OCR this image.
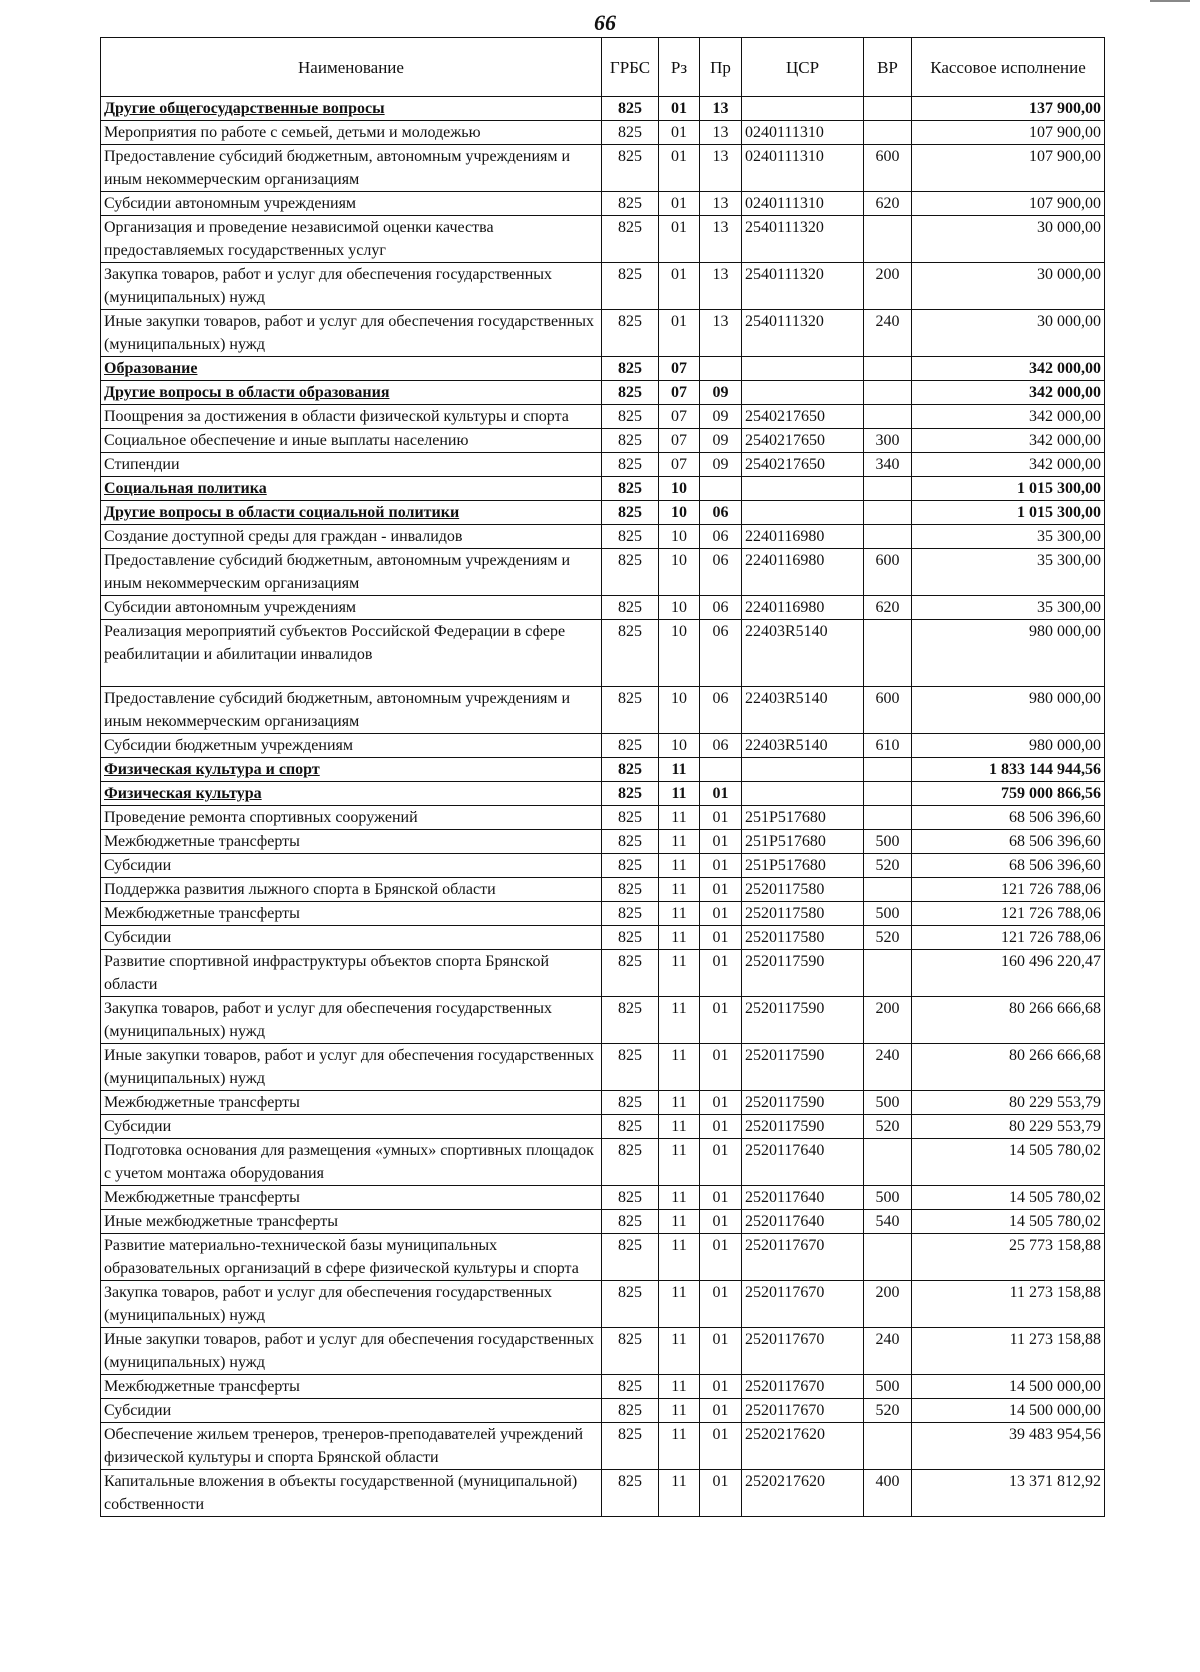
66
Наименование	ГРБС	Рз	Пр	ЦСР	ВР	Кассовое исполнение
Другие общегосударственные вопросы	825	01	13			137 900,00
Мероприятия по работе с семьей, детьми и молодежью	825	01	13	0240111310		107 900,00
Предоставление субсидий бюджетным, автономным учреждениям и иным некоммерческим организациям	825	01	13	0240111310	600	107 900,00
Субсидии автономным учреждениям	825	01	13	0240111310	620	107 900,00
Организация и проведение независимой оценки качества предоставляемых государственных услуг	825	01	13	2540111320		30 000,00
Закупка товаров, работ и услуг для обеспечения государственных (муниципальных) нужд	825	01	13	2540111320	200	30 000,00
Иные закупки товаров, работ и услуг для обеспечения государственных (муниципальных) нужд	825	01	13	2540111320	240	30 000,00
Образование	825	07				342 000,00
Другие вопросы в области образования	825	07	09			342 000,00
Поощрения за достижения в области физической культуры и спорта	825	07	09	2540217650		342 000,00
Социальное обеспечение и иные выплаты населению	825	07	09	2540217650	300	342 000,00
Стипендии	825	07	09	2540217650	340	342 000,00
Социальная политика	825	10				1 015 300,00
Другие вопросы в области социальной политики	825	10	06			1 015 300,00
Создание доступной среды для граждан - инвалидов	825	10	06	2240116980		35 300,00
Предоставление субсидий бюджетным, автономным учреждениям и иным некоммерческим организациям	825	10	06	2240116980	600	35 300,00
Субсидии автономным учреждениям	825	10	06	2240116980	620	35 300,00
Реализация мероприятий субъектов Российской Федерации в сфере реабилитации и абилитации инвалидов	825	10	06	22403R5140		980 000,00
Предоставление субсидий бюджетным, автономным учреждениям и иным некоммерческим организациям	825	10	06	22403R5140	600	980 000,00
Субсидии бюджетным учреждениям	825	10	06	22403R5140	610	980 000,00
Физическая культура и спорт	825	11				1 833 144 944,56
Физическая культура	825	11	01			759 000 866,56
Проведение ремонта спортивных сооружений	825	11	01	251P517680		68 506 396,60
Межбюджетные трансферты	825	11	01	251P517680	500	68 506 396,60
Субсидии	825	11	01	251P517680	520	68 506 396,60
Поддержка развития лыжного спорта в Брянской области	825	11	01	2520117580		121 726 788,06
Межбюджетные трансферты	825	11	01	2520117580	500	121 726 788,06
Субсидии	825	11	01	2520117580	520	121 726 788,06
Развитие спортивной инфраструктуры объектов спорта Брянской области	825	11	01	2520117590		160 496 220,47
Закупка товаров, работ и услуг для обеспечения государственных (муниципальных) нужд	825	11	01	2520117590	200	80 266 666,68
Иные закупки товаров, работ и услуг для обеспечения государственных (муниципальных) нужд	825	11	01	2520117590	240	80 266 666,68
Межбюджетные трансферты	825	11	01	2520117590	500	80 229 553,79
Субсидии	825	11	01	2520117590	520	80 229 553,79
Подготовка основания для размещения «умных» спортивных площадок с учетом монтажа оборудования	825	11	01	2520117640		14 505 780,02
Межбюджетные трансферты	825	11	01	2520117640	500	14 505 780,02
Иные межбюджетные трансферты	825	11	01	2520117640	540	14 505 780,02
Развитие материально-технической базы муниципальных образовательных организаций в сфере физической культуры и спорта	825	11	01	2520117670		25 773 158,88
Закупка товаров, работ и услуг для обеспечения государственных (муниципальных) нужд	825	11	01	2520117670	200	11 273 158,88
Иные закупки товаров, работ и услуг для обеспечения государственных (муниципальных) нужд	825	11	01	2520117670	240	11 273 158,88
Межбюджетные трансферты	825	11	01	2520117670	500	14 500 000,00
Субсидии	825	11	01	2520117670	520	14 500 000,00
Обеспечение жильем тренеров, тренеров-преподавателей учреждений физической культуры и спорта Брянской области	825	11	01	2520217620		39 483 954,56
Капитальные вложения в объекты государственной (муниципальной) собственности	825	11	01	2520217620	400	13 371 812,92
